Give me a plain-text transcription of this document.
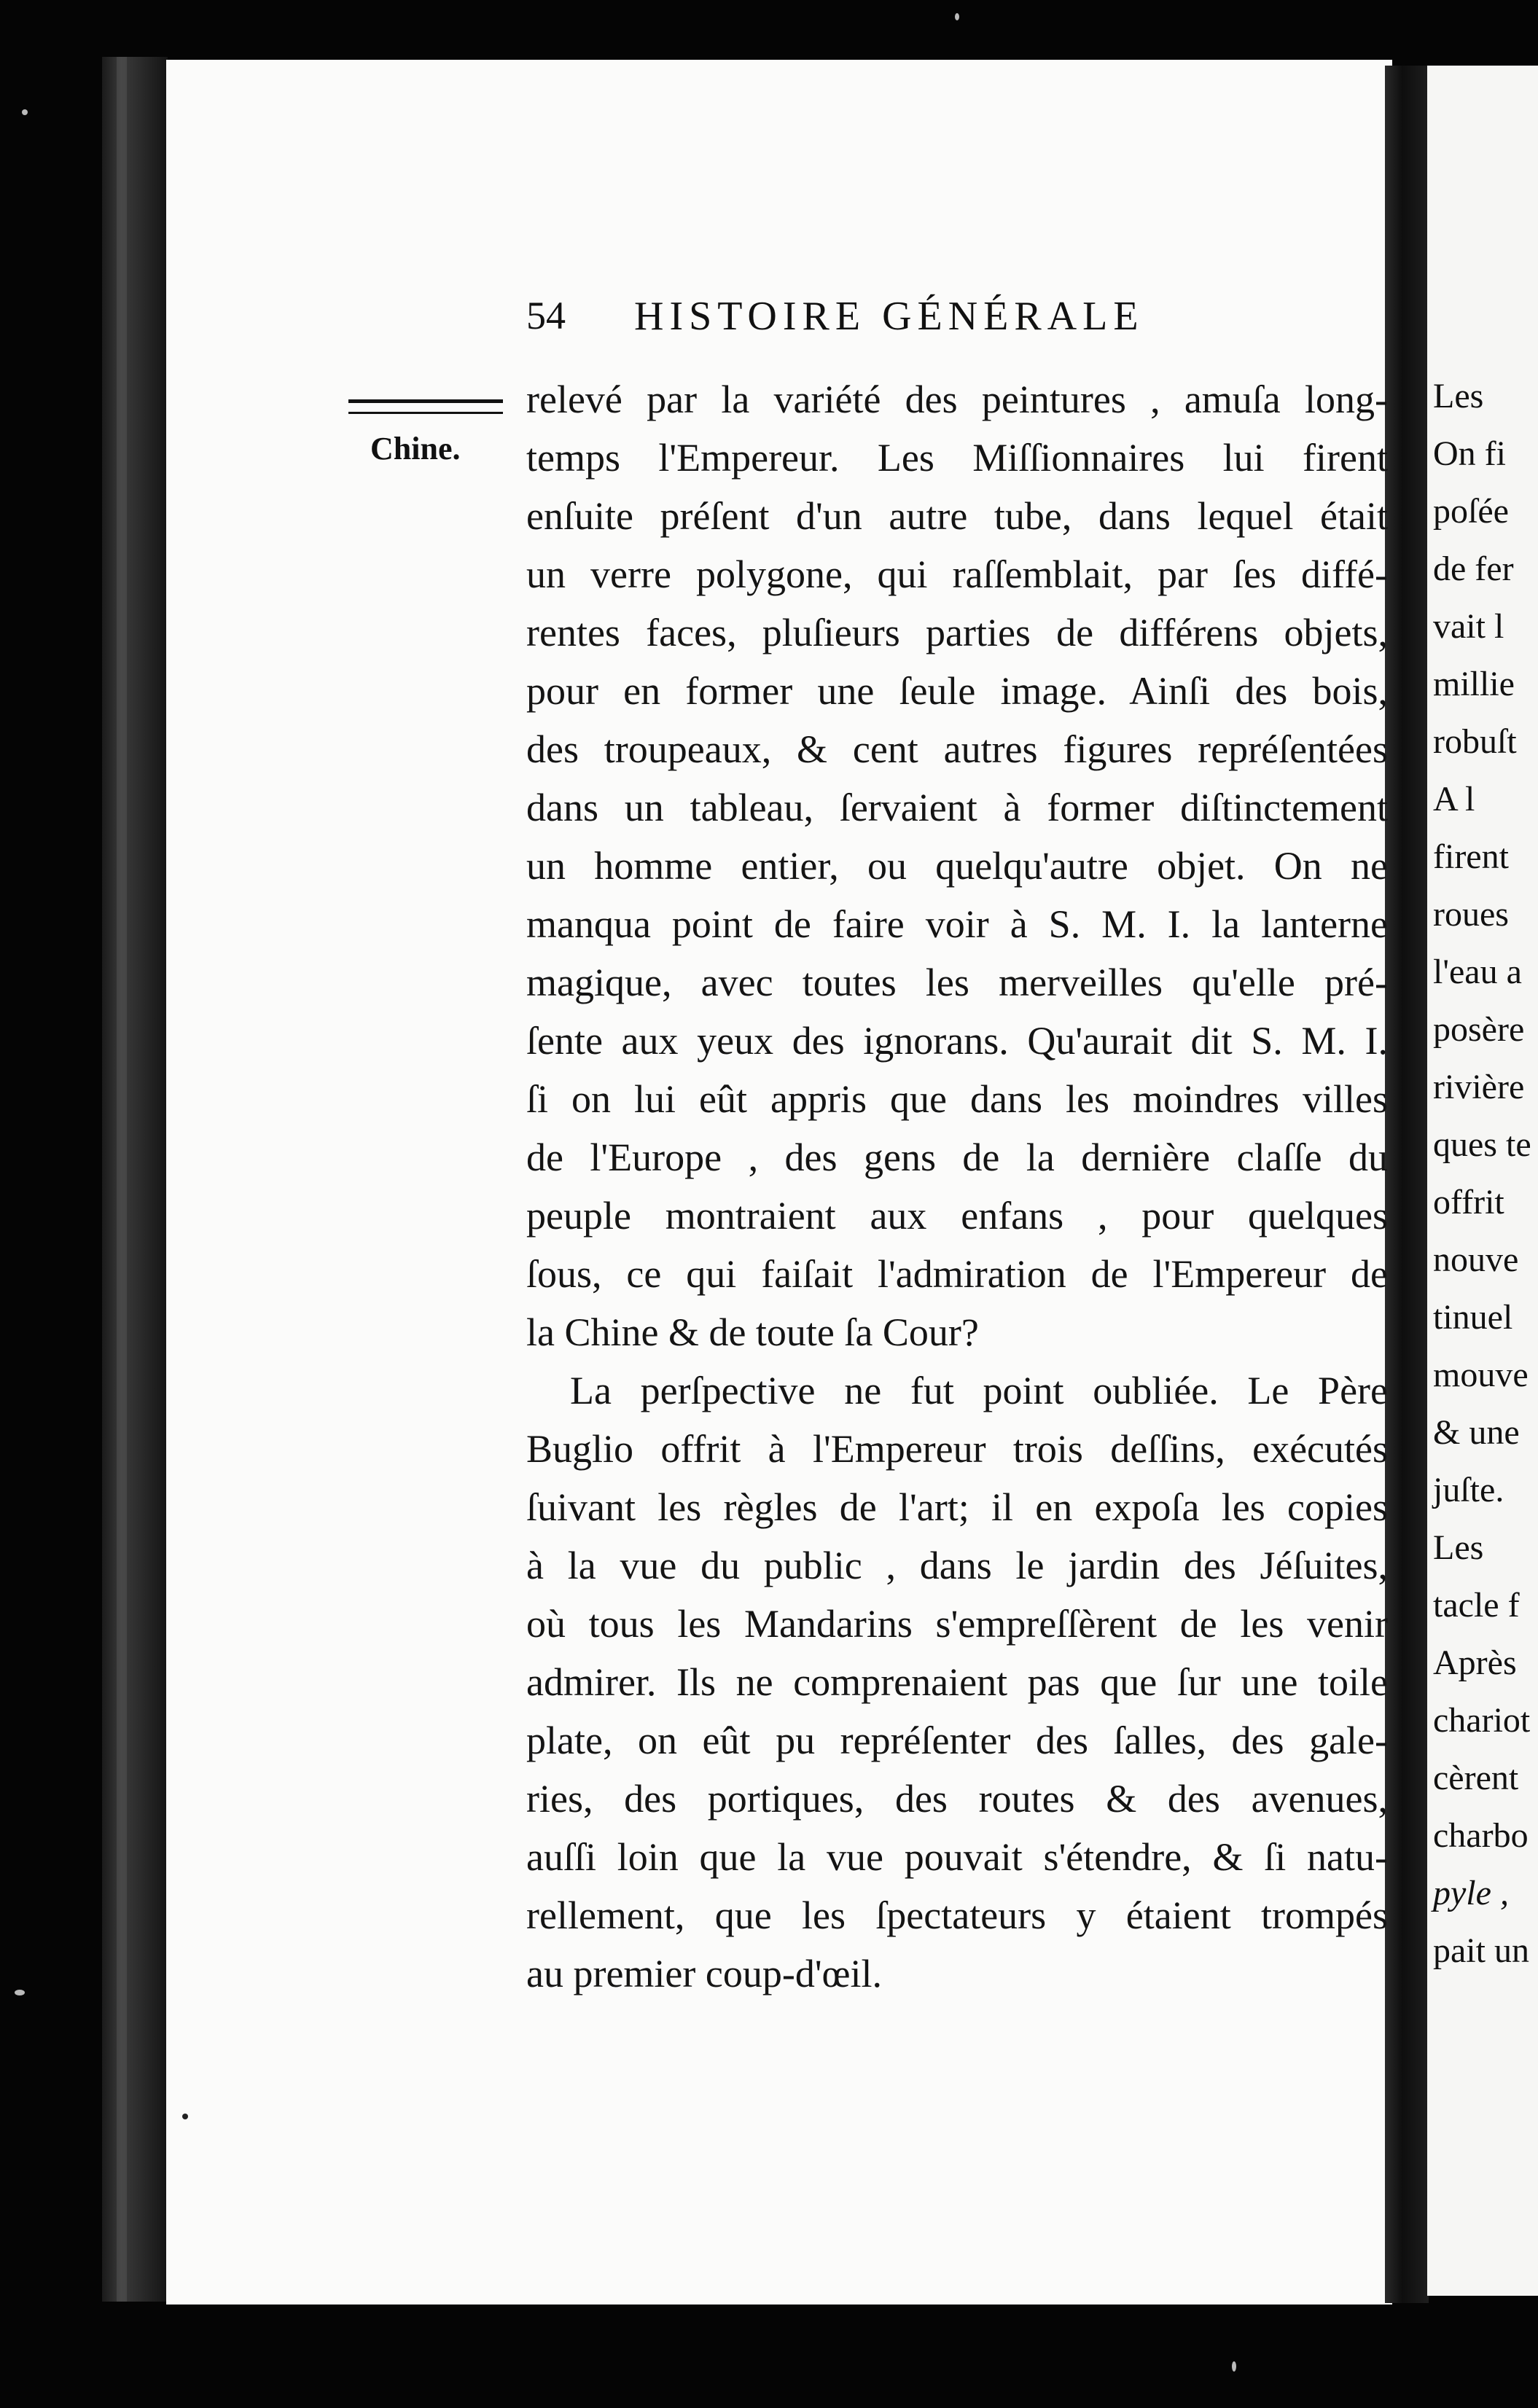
Les
On fi
poſée
de fer
vait l
millie
robuſt
A l
firent
roues
l'eau a
posère
rivière
ques te
offrit
nouve
tinuel
mouve
& une
juſte.
Les
tacle f
Après
chariot
cèrent
charbo
pyle ,
pait un
54 HISTOIRE GÉNÉRALE
Chine.
relevé par la variété des peintures , amuſa long-
temps l'Empereur. Les Miſſionnaires lui firent
enſuite préſent d'un autre tube, dans lequel était
un verre polygone, qui raſſemblait, par ſes diffé-
rentes faces, pluſieurs parties de différens objets,
pour en former une ſeule image. Ainſi des bois,
des troupeaux, & cent autres figures repréſentées
dans un tableau, ſervaient à former diſtinctement
un homme entier, ou quelqu'autre objet. On ne
manqua point de faire voir à S. M. I. la lanterne
magique, avec toutes les merveilles qu'elle pré-
ſente aux yeux des ignorans. Qu'aurait dit S. M. I.
ſi on lui eût appris que dans les moindres villes
de l'Europe , des gens de la dernière claſſe du
peuple montraient aux enfans , pour quelques
ſous, ce qui faiſait l'admiration de l'Empereur de
la Chine & de toute ſa Cour?
La perſpective ne fut point oubliée. Le Père
Buglio offrit à l'Empereur trois deſſins, exécutés
ſuivant les règles de l'art; il en expoſa les copies
à la vue du public , dans le jardin des Jéſuites,
où tous les Mandarins s'empreſſèrent de les venir
admirer. Ils ne comprenaient pas que ſur une toile
plate, on eût pu repréſenter des ſalles, des gale-
ries, des portiques, des routes & des avenues,
auſſi loin que la vue pouvait s'étendre, & ſi natu-
rellement, que les ſpectateurs y étaient trompés
au premier coup-d'œil.
